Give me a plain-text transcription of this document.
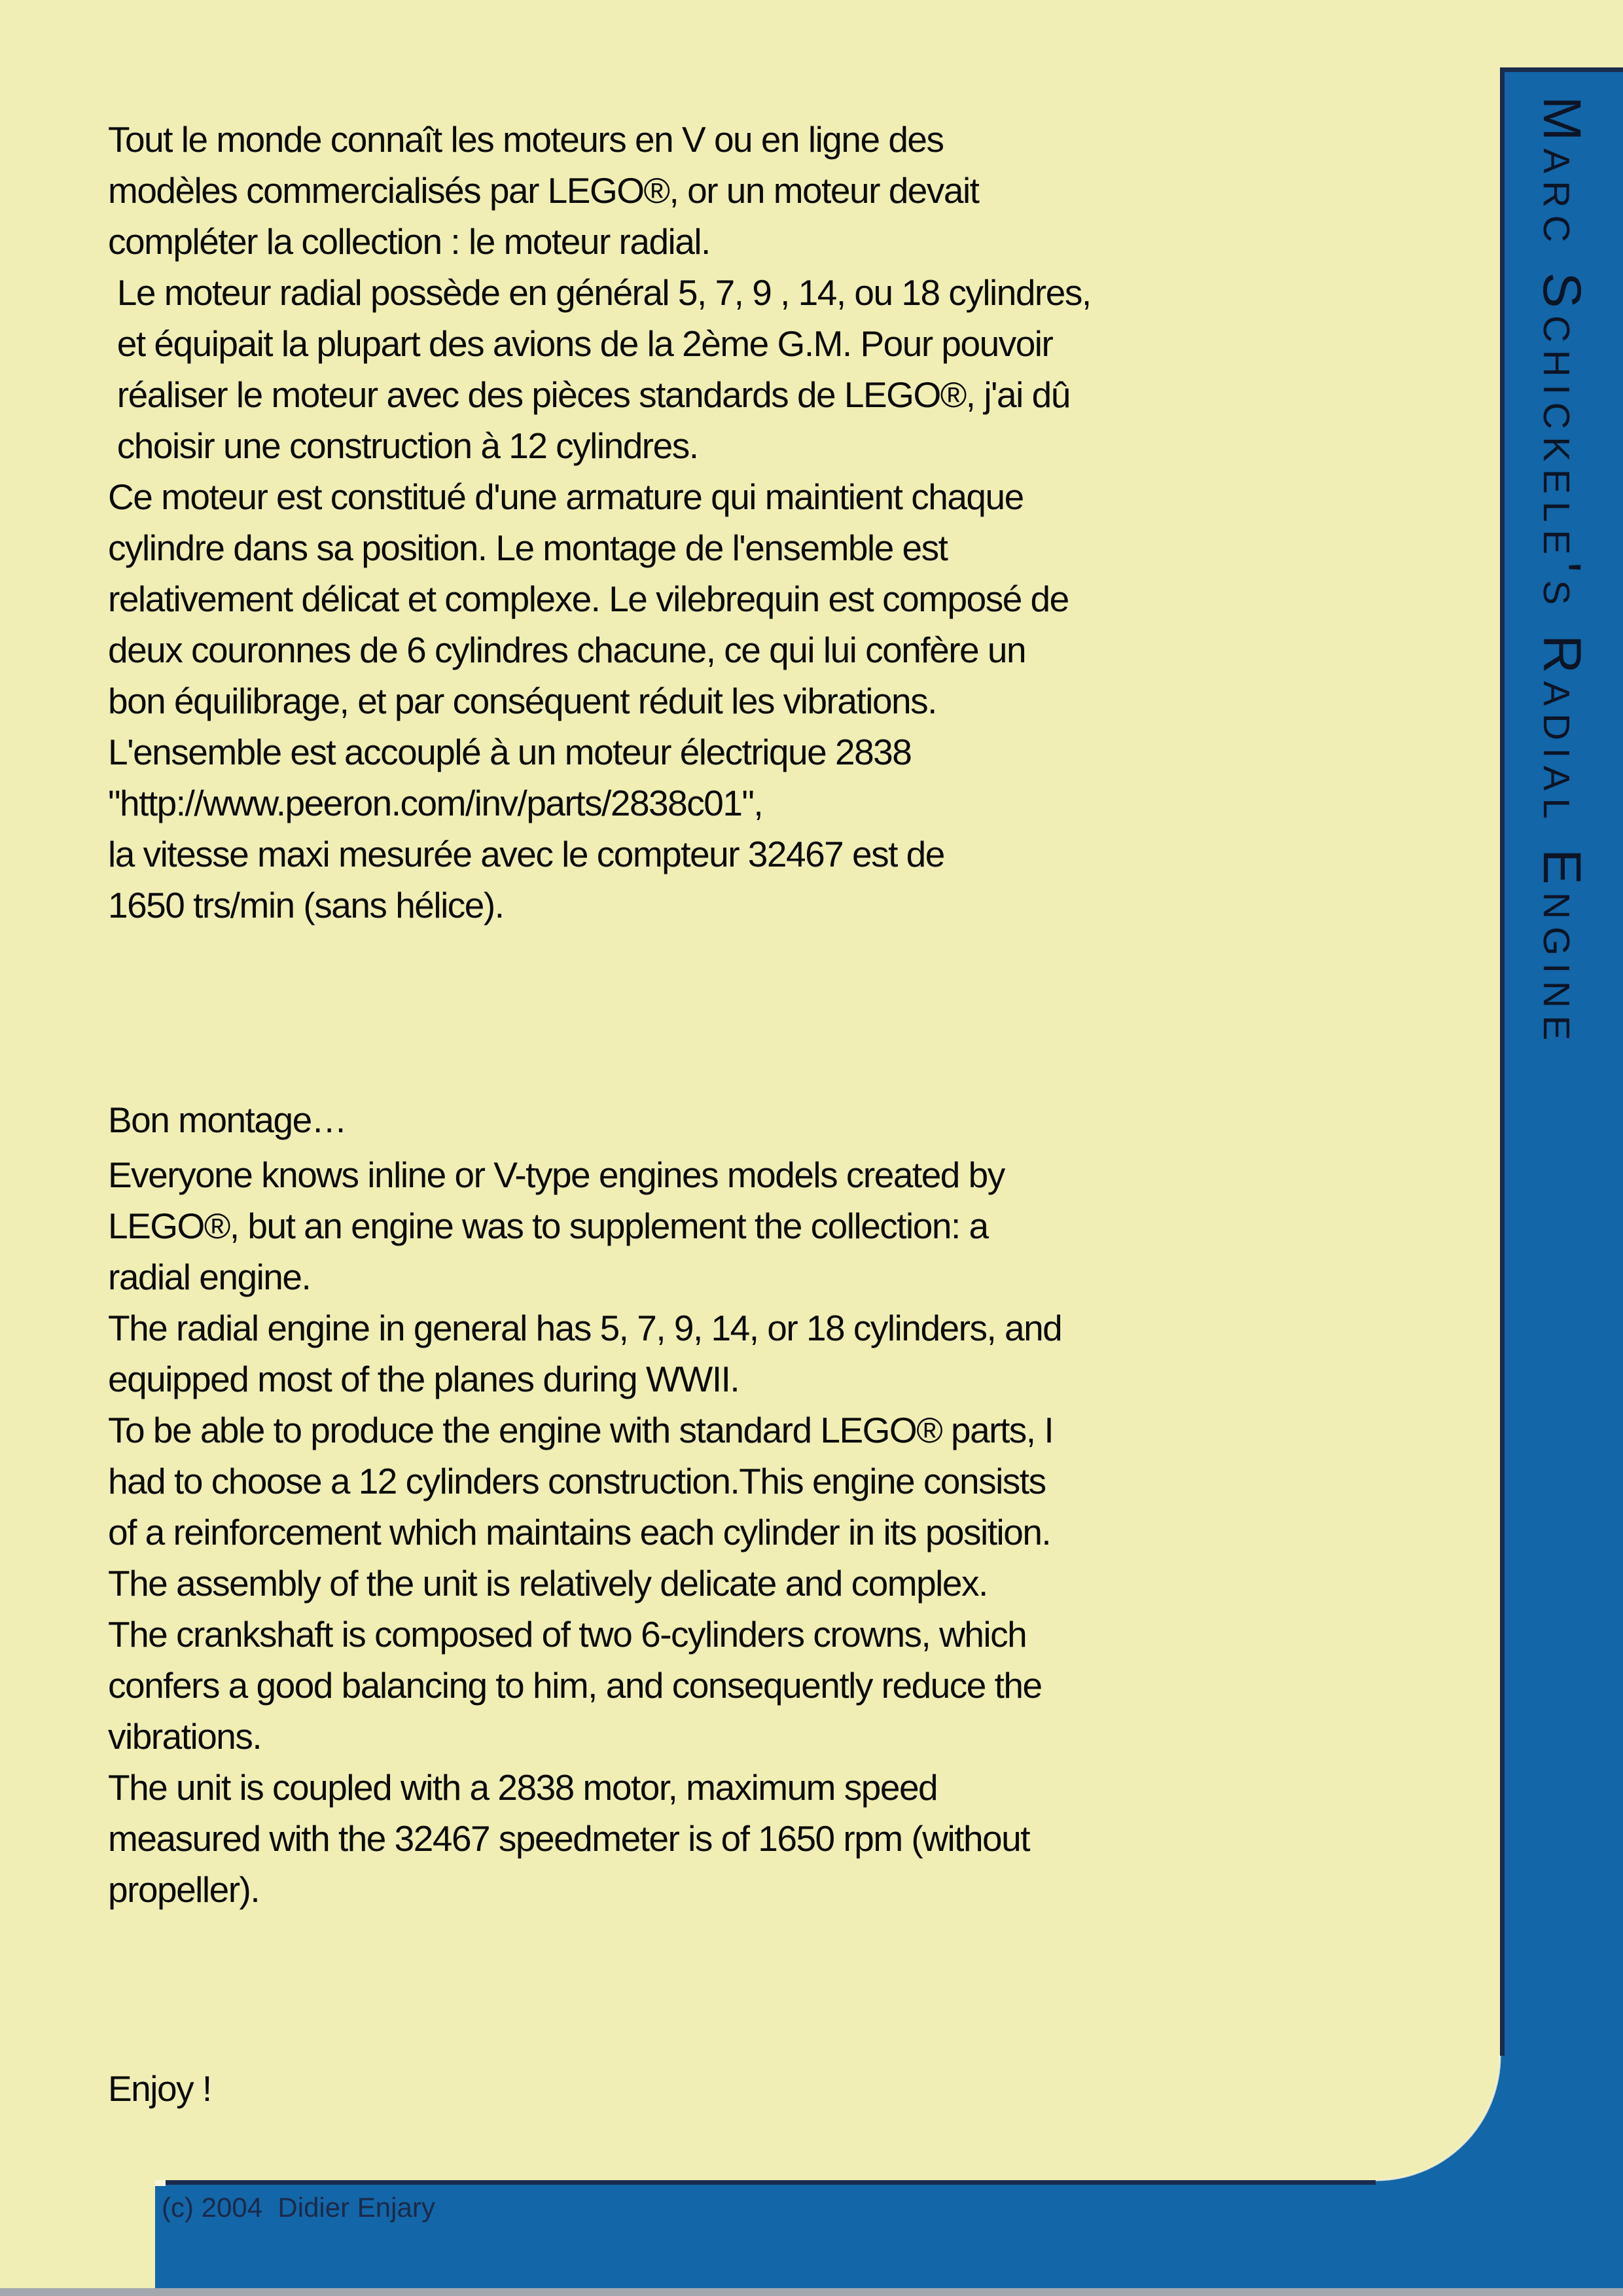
Tout le monde connaît les moteurs en V ou en ligne des
modèles commercialisés par LEGO®, or un moteur devait
compléter la collection : le moteur radial.
Le moteur radial possède en général 5, 7, 9 , 14, ou 18 cylindres,
et équipait la plupart des avions de la 2ème G.M. Pour pouvoir
réaliser le moteur avec des pièces standards de LEGO®, j'ai dû
choisir une construction à 12 cylindres.
Ce moteur est constitué d'une armature qui maintient chaque
cylindre dans sa position. Le montage de l'ensemble est
relativement délicat et complexe. Le vilebrequin est composé de
deux couronnes de 6 cylindres chacune, ce qui lui confère un
bon équilibrage, et par conséquent réduit les vibrations.
L'ensemble est accouplé à un moteur électrique 2838
"http://www.peeron.com/inv/parts/2838c01",
la vitesse maxi mesurée avec le compteur 32467 est de
1650 trs/min (sans hélice).

Bon montage…

Everyone knows inline or V-type engines models created by
LEGO®, but an engine was to supplement the collection: a
radial engine.
The radial engine in general has 5, 7, 9, 14, or 18 cylinders, and
equipped most of the planes during WWII.
To be able to produce the engine with standard LEGO® parts, I
had to choose a 12 cylinders construction.This engine consists
of a reinforcement which maintains each cylinder in its position.
The assembly of the unit is relatively delicate and complex.
The crankshaft is composed of two 6-cylinders crowns, which
confers a good balancing to him, and consequently reduce the
vibrations.
The unit is coupled with a 2838 motor, maximum speed
measured with the 32467 speedmeter is of 1650 rpm (without
propeller).

Enjoy !

Marc Schickele's Radial Engine
(c) 2004  Didier Enjary
